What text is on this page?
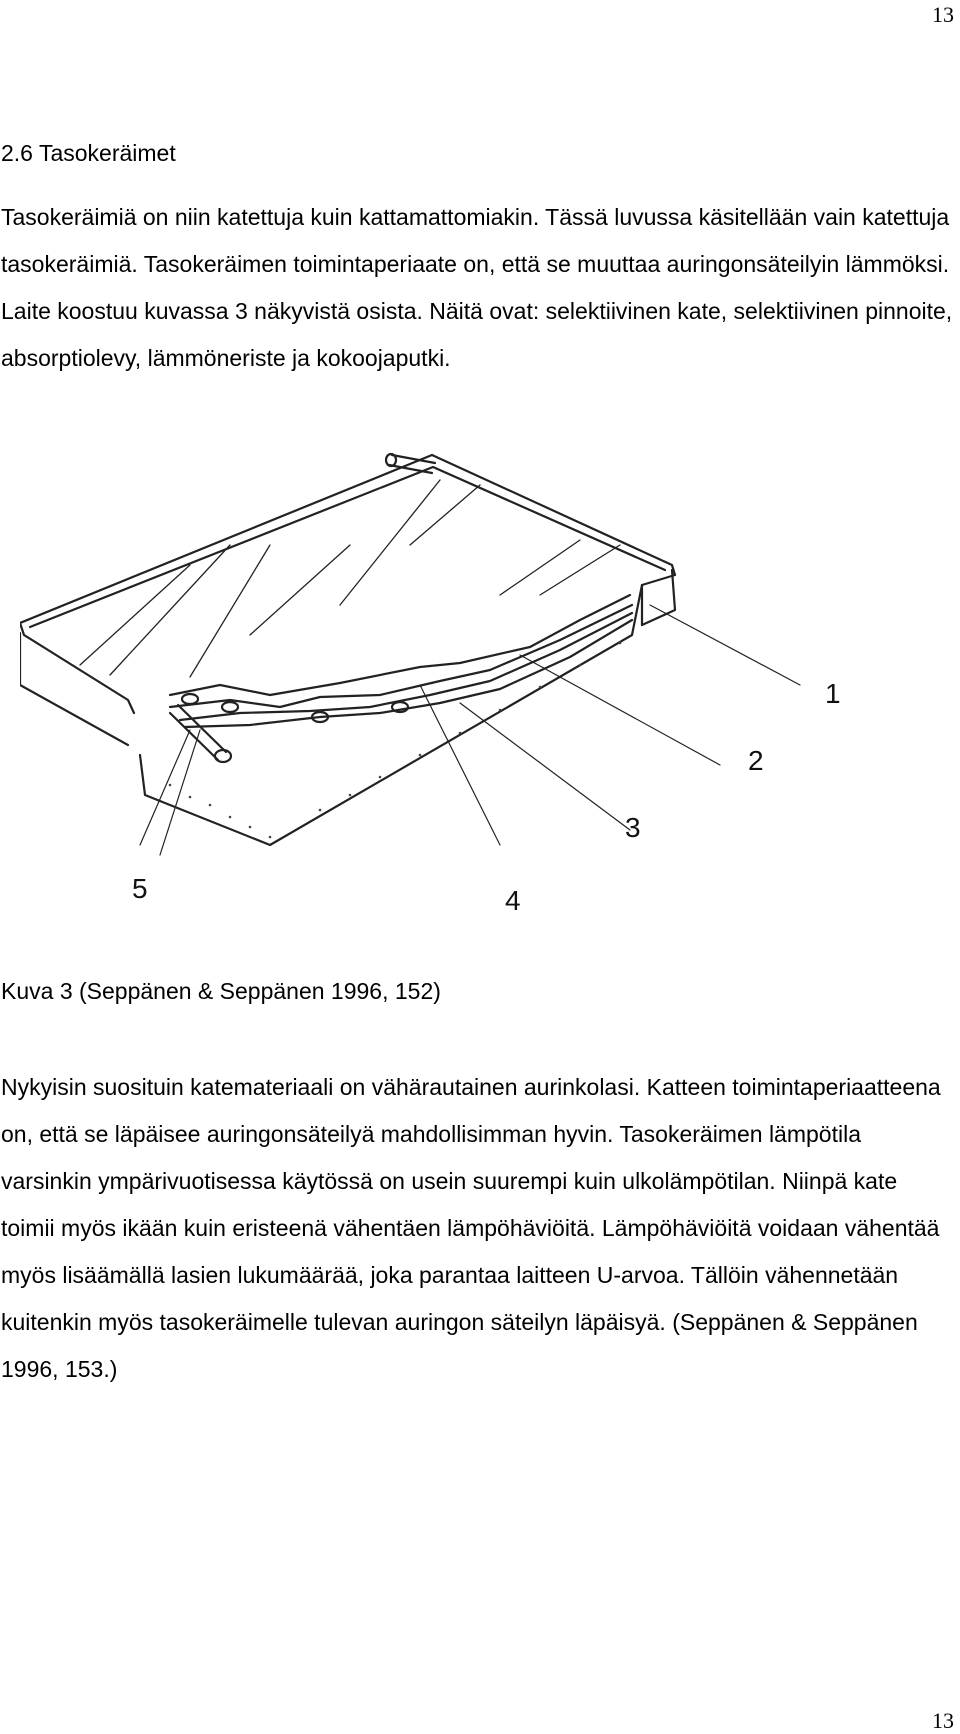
13
2.6 Tasokeräimet

Tasokeräimiä on niin katettuja kuin kattamattomiakin. Tässä luvussa käsitellään vain katettuja tasokeräimiä. Tasokeräimen toimintaperiaate on, että se muuttaa auringonsäteilyin lämmöksi. Laite koostuu kuvassa 3 näkyvistä osista. Näitä ovat: selektiivinen kate, selektiivinen pinnoite, absorptiolevy, lämmöneriste ja kokoojaputki.

1
2
3
4
5
Kuva 3 (Seppänen & Seppänen 1996, 152)

Nykyisin suosituin katemateriaali on vähärautainen aurinkolasi. Katteen toimintaperiaatteena on, että se läpäisee auringonsäteilyä mahdollisimman hyvin. Tasokeräimen lämpötila varsinkin ympärivuotisessa käytössä on usein suurempi kuin ulkolämpötilan. Niinpä kate toimii myös ikään kuin eristeenä vähentäen lämpöhäviöitä. Lämpöhäviöitä voidaan vähentää myös lisäämällä lasien lukumäärää, joka parantaa laitteen U-arvoa. Tällöin vähennetään kuitenkin myös tasokeräimelle tulevan auringon säteilyn läpäisyä. (Seppänen & Seppänen 1996, 153.)

13
